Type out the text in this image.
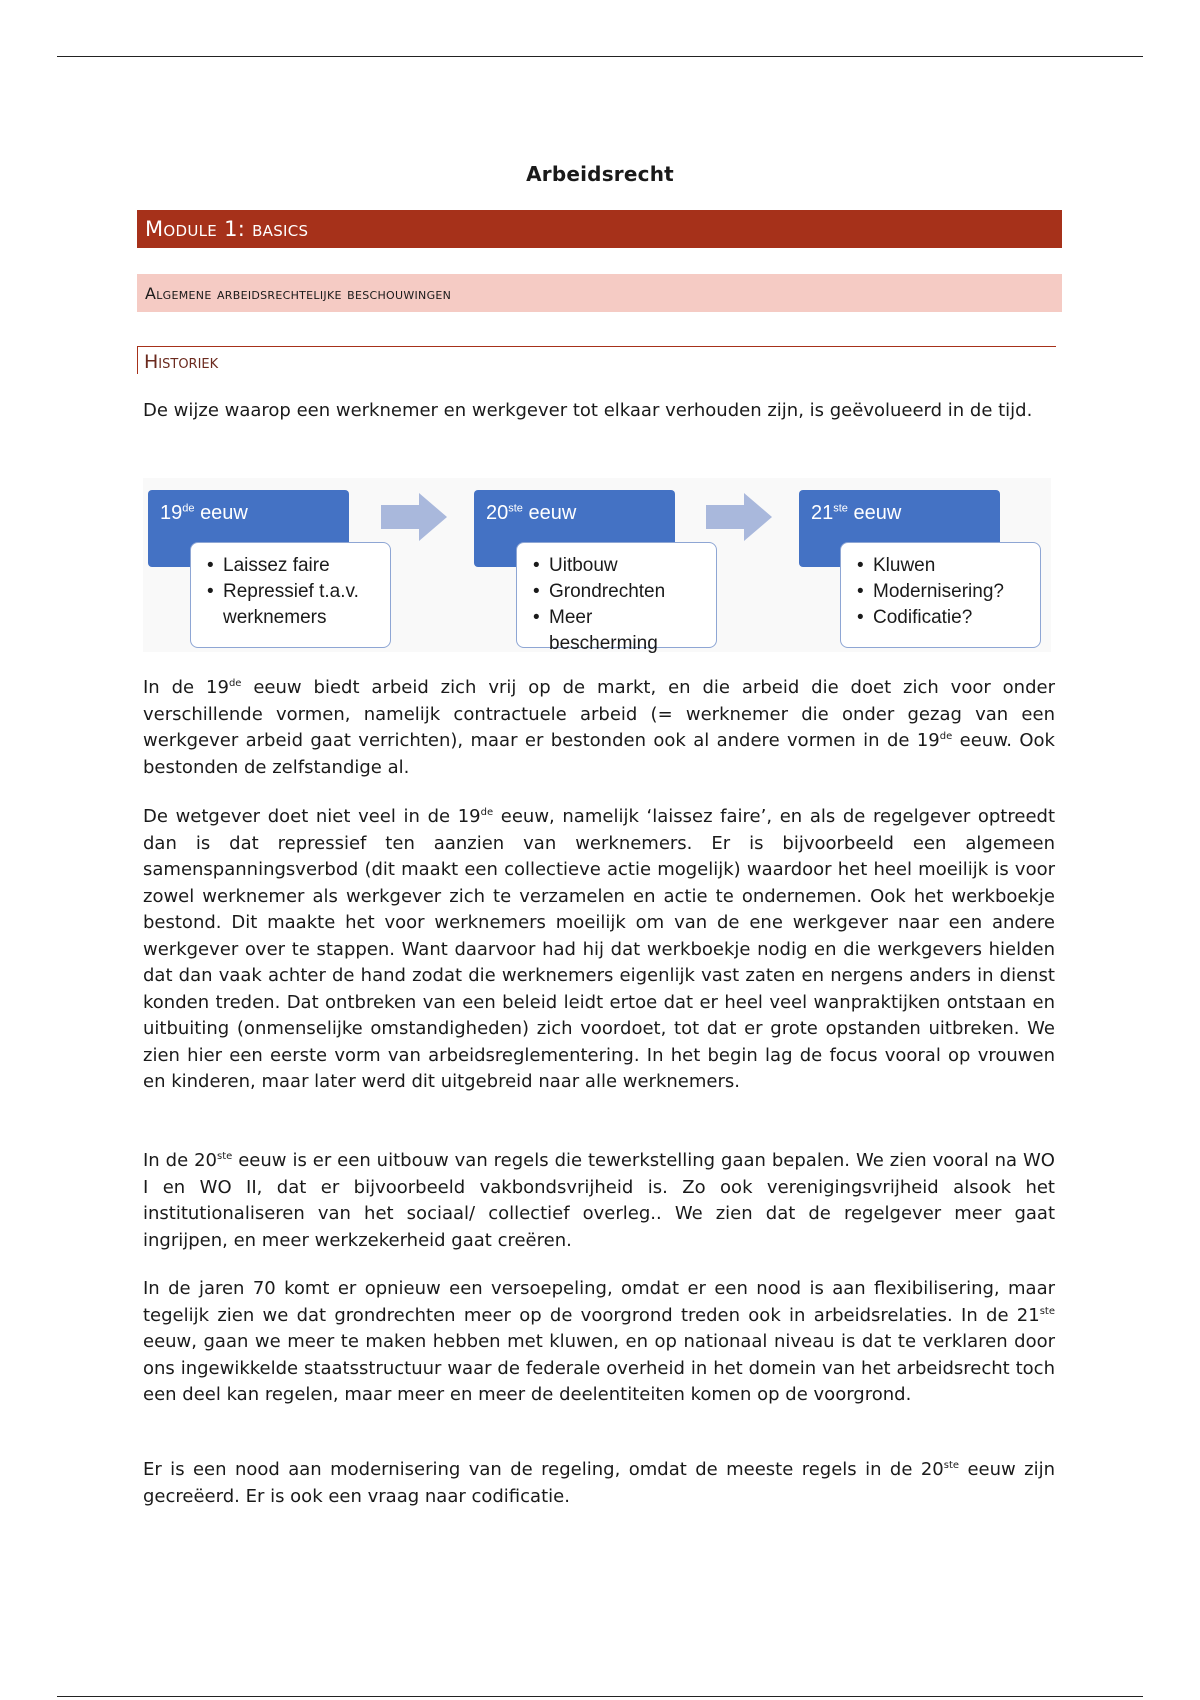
Arbeidsrecht
Module 1: basics
Algemene arbeidsrechtelijke beschouwingen
Historiek

De wijze waarop een werknemer en werkgever tot elkaar verhouden zijn, is geëvolueerd in de tijd.

19de eeuw
• Laissez faire
• Repressief t.a.v. werknemers
20ste eeuw
• Uitbouw
• Grondrechten
• Meer bescherming
21ste eeuw
• Kluwen
• Modernisering?
• Codificatie?

In de 19de eeuw biedt arbeid zich vrij op de markt, en die arbeid die doet zich voor onder verschillende vormen, namelijk contractuele arbeid (= werknemer die onder gezag van een werkgever arbeid gaat verrichten), maar er bestonden ook al andere vormen in de 19de eeuw. Ook bestonden de zelfstandige al.

De wetgever doet niet veel in de 19de eeuw, namelijk ‘laissez faire’, en als de regelgever optreedt dan is dat repressief ten aanzien van werknemers. Er is bijvoorbeeld een algemeen samenspanningsverbod (dit maakt een collectieve actie mogelijk) waardoor het heel moeilijk is voor zowel werknemer als werkgever zich te verzamelen en actie te ondernemen. Ook het werkboekje bestond. Dit maakte het voor werknemers moeilijk om van de ene werkgever naar een andere werkgever over te stappen. Want daarvoor had hij dat werkboekje nodig en die werkgevers hielden dat dan vaak achter de hand zodat die werknemers eigenlijk vast zaten en nergens anders in dienst konden treden. Dat ontbreken van een beleid leidt ertoe dat er heel veel wanpraktijken ontstaan en uitbuiting (onmenselijke omstandigheden) zich voordoet, tot dat er grote opstanden uitbreken. We zien hier een eerste vorm van arbeidsreglementering. In het begin lag de focus vooral op vrouwen en kinderen, maar later werd dit uitgebreid naar alle werknemers.

In de 20ste eeuw is er een uitbouw van regels die tewerkstelling gaan bepalen. We zien vooral na WO I en WO II, dat er bijvoorbeeld vakbondsvrijheid is. Zo ook verenigingsvrijheid alsook het institutionaliseren van het sociaal/ collectief overleg.. We zien dat de regelgever meer gaat ingrijpen, en meer werkzekerheid gaat creëren.

In de jaren 70 komt er opnieuw een versoepeling, omdat er een nood is aan flexibilisering, maar tegelijk zien we dat grondrechten meer op de voorgrond treden ook in arbeidsrelaties. In de 21ste eeuw, gaan we meer te maken hebben met kluwen, en op nationaal niveau is dat te verklaren door ons ingewikkelde staatsstructuur waar de federale overheid in het domein van het arbeidsrecht toch een deel kan regelen, maar meer en meer de deelentiteiten komen op de voorgrond.

Er is een nood aan modernisering van de regeling, omdat de meeste regels in de 20ste eeuw zijn gecreëerd. Er is ook een vraag naar codificatie.
